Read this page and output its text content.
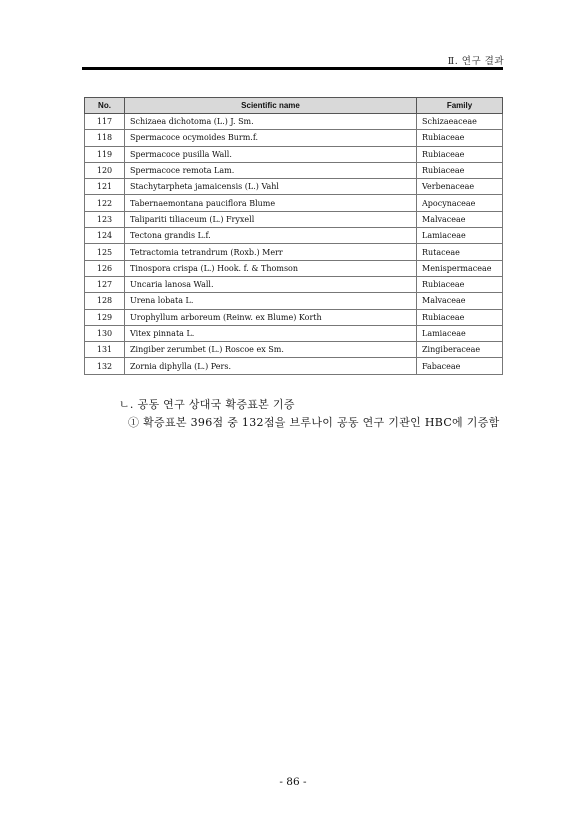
Ⅱ. 연구 결과
No.	Scientific name	Family
117	Schizaea dichotoma (L.) J. Sm.	Schizaeaceae
118	Spermacoce ocymoides Burm.f.	Rubiaceae
119	Spermacoce pusilla Wall.	Rubiaceae
120	Spermacoce remota Lam.	Rubiaceae
121	Stachytarpheta jamaicensis (L.) Vahl	Verbenaceae
122	Tabernaemontana pauciflora Blume	Apocynaceae
123	Talipariti tiliaceum (L.) Fryxell	Malvaceae
124	Tectona grandis L.f.	Lamiaceae
125	Tetractomia tetrandrum (Roxb.) Merr	Rutaceae
126	Tinospora crispa (L.) Hook. f. & Thomson	Menispermaceae
127	Uncaria lanosa Wall.	Rubiaceae
128	Urena lobata L.	Malvaceae
129	Urophyllum arboreum (Reinw. ex Blume) Korth	Rubiaceae
130	Vitex pinnata L.	Lamiaceae
131	Zingiber zerumbet (L.) Roscoe ex Sm.	Zingiberaceae
132	Zornia diphylla (L.) Pers.	Fabaceae
ㄴ. 공동 연구 상대국 확증표본 기증
① 확증표본 396점 중 132점을 브루나이 공동 연구 기관인 HBC에 기증함
- 86 -
